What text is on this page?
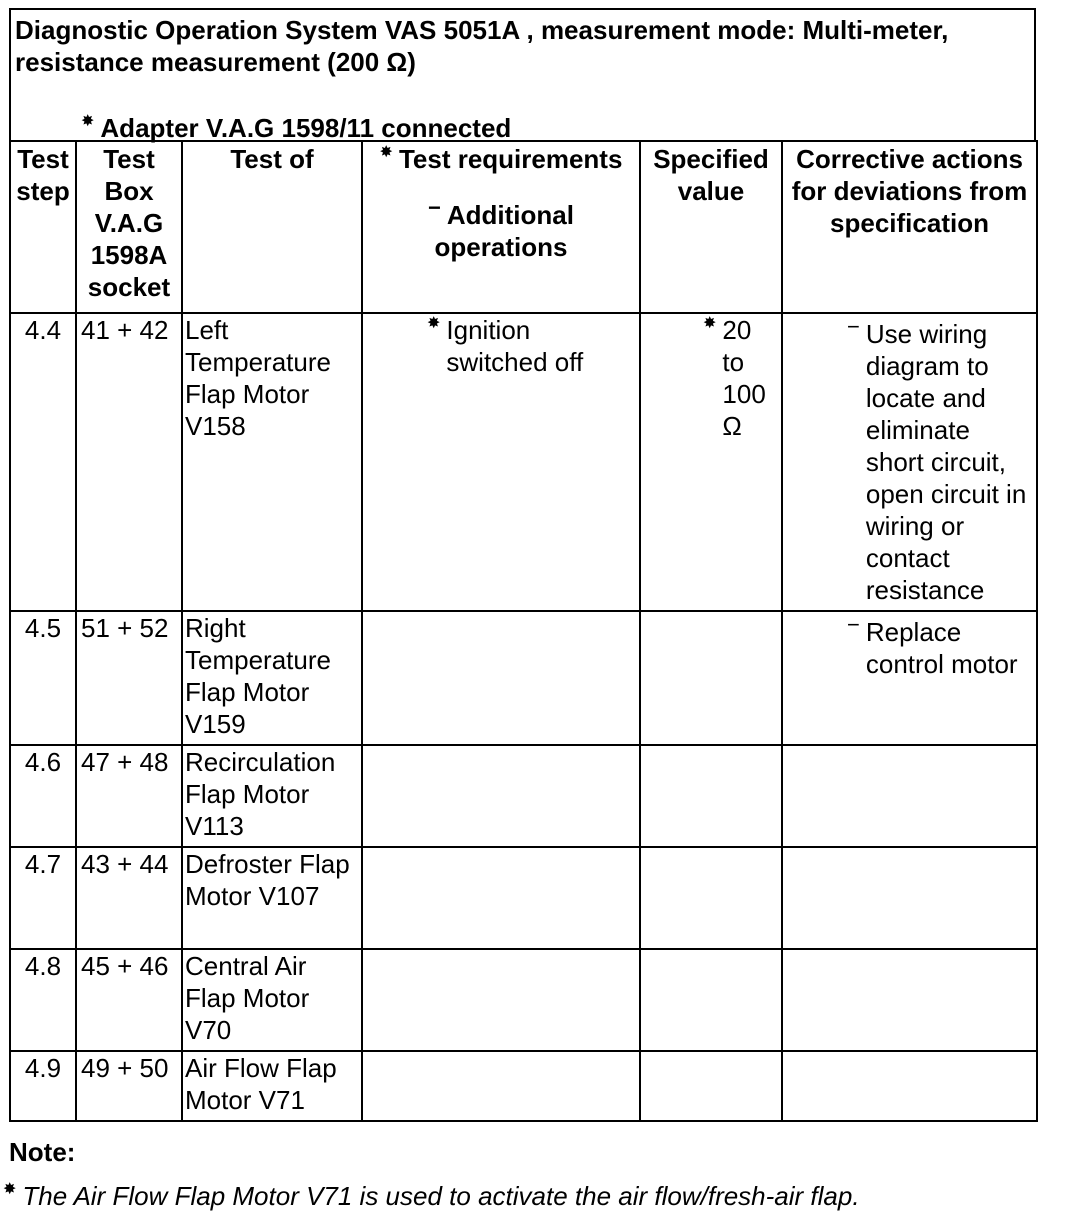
Diagnostic Operation System VAS 5051A , measurement mode: Multi-meter, resistance measurement (200 Ω)
✸ Adapter V.A.G 1598/11 connected
Test step	Test Box V.A.G 1598A socket	Test of	✸ Test requirements
− Additional operations	Specified value	Corrective actions for deviations from specification
4.4	41 + 42	Left Temperature Flap Motor V158	✸ Ignition switched off	✸ 20 to 100 Ω	− Use wiring diagram to locate and eliminate short circuit, open circuit in wiring or contact resistance

4.5	51 + 52	Right Temperature Flap Motor V159			− Replace control motor

4.6	47 + 48	Recirculation Flap Motor V113			
4.7	43 + 44	Defroster Flap Motor V107			
4.8	45 + 46	Central Air Flap Motor V70			
4.9	49 + 50	Air Flow Flap Motor V71			
Note:
✸ The Air Flow Flap Motor V71 is used to activate the air flow/fresh-air flap.
